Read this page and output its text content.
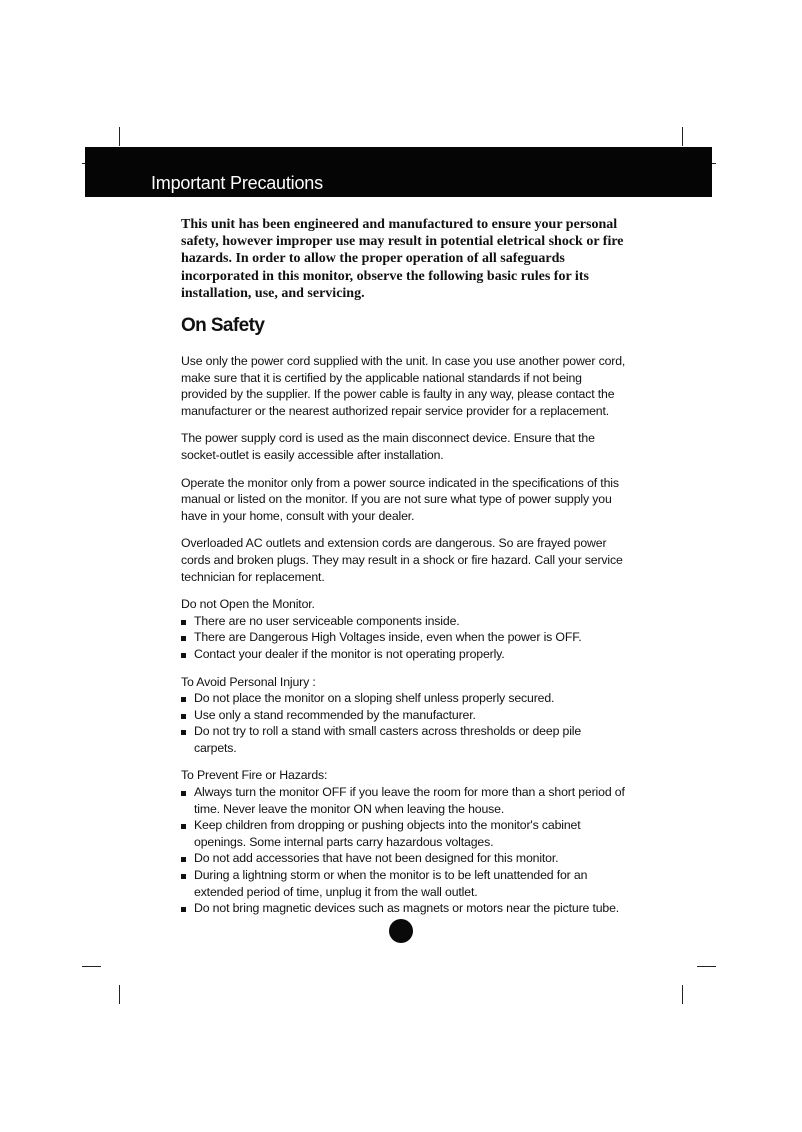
Important Precautions

This unit has been engineered and manufactured to ensure your personal safety, however improper use may result in potential eletrical shock or fire hazards. In order to allow the proper operation of all safeguards incorporated in this monitor, observe the following basic rules for its installation, use, and servicing.

On Safety

Use only the power cord supplied with the unit. In case you use another power cord, make sure that it is certified by the applicable national standards if not being provided by the supplier. If the power cable is faulty in any way, please contact the manufacturer or the nearest authorized repair service provider for a replacement.

The power supply cord is used as the main disconnect device. Ensure that the socket-outlet is easily accessible after installation.

Operate the monitor only from a power source indicated in the specifications of this manual or listed on the monitor. If you are not sure what type of power supply you have in your home, consult with your dealer.

Overloaded AC outlets and extension cords are dangerous. So are frayed power cords and broken plugs. They may result in a shock or fire hazard. Call your service technician for replacement.

Do not Open the Monitor.

There are no user serviceable components inside.
There are Dangerous High Voltages inside, even when the power is OFF.
Contact your dealer if the monitor is not operating properly.

To Avoid Personal Injury :

Do not place the monitor on a sloping shelf unless properly secured.
Use only a stand recommended by the manufacturer.
Do not try to roll a stand with small casters across thresholds or deep pile carpets.

To Prevent Fire or Hazards:

Always turn the monitor OFF if you leave the room for more than a short period of time. Never leave the monitor ON when leaving the house.
Keep children from dropping or pushing objects into the monitor's cabinet openings. Some internal parts carry hazardous voltages.
Do not add accessories that have not been designed for this monitor.
During a lightning storm or when the monitor is to be left unattended for an extended period of time, unplug it from the wall outlet.
Do not bring magnetic devices such as magnets or motors near the picture tube.
